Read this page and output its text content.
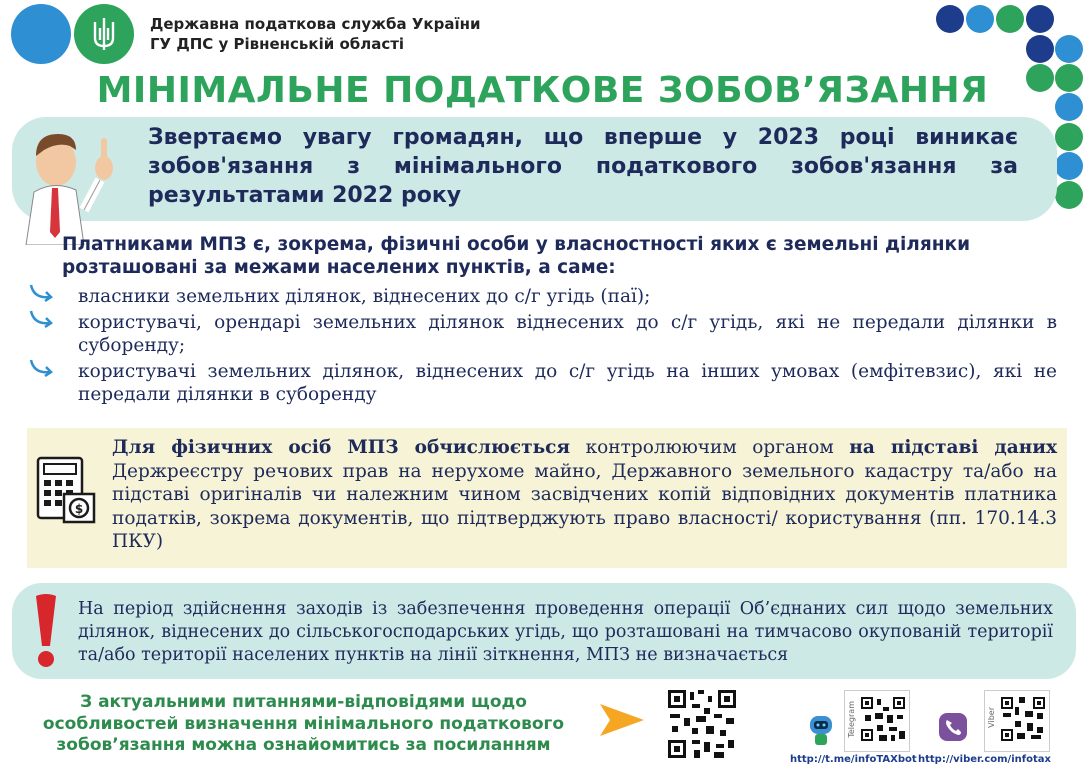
Державна податкова служба України
ГУ ДПС у Рівненській області
МІНІМАЛЬНЕ ПОДАТКОВЕ ЗОБОВ’ЯЗАННЯ
Звертаємо увагу громадян, що вперше у 2023 році виникає зобов'язання з мінімального податкового зобов'язання за результатами 2022 року
Платниками МПЗ є, зокрема, фізичні особи у власностності яких є земельні ділянки розташовані за межами населених пунктів, а саме:
власники земельних ділянок, віднесених до с/г угідь (паї);
користувачі, орендарі земельних ділянок віднесених до с/г угідь, які не передали ділянки в суборенду;
користувачі земельних ділянок, віднесених до с/г угідь на інших умовах (емфітевзис), які не передали ділянки в суборенду
$
Для фізичних осіб МПЗ обчислюється контролюючим органом на підставі даних Держреєстру речових прав на нерухоме майно, Державного земельного кадастру та/або на підставі оригіналів чи належним чином засвідчених копій відповідних документів платника податків, зокрема документів, що підтверджують право власності/ користування (пп. 170.14.3 ПКУ)
На період здійснення заходів із забезпечення проведення операції Об’єднаних сил щодо земельних ділянок, віднесених до сільськогосподарських угідь, що розташовані на тимчасово окупованій території та/або території населених пунктів на лінії зіткнення, МПЗ не визначається
З актуальними питаннями-відповідями щодо особливостей визначення мінімального податкового зобов’язання можна ознайомитись за посиланням
Telegram
http://t.me/infoTAXbot
Viber
http://viber.com/infotax
